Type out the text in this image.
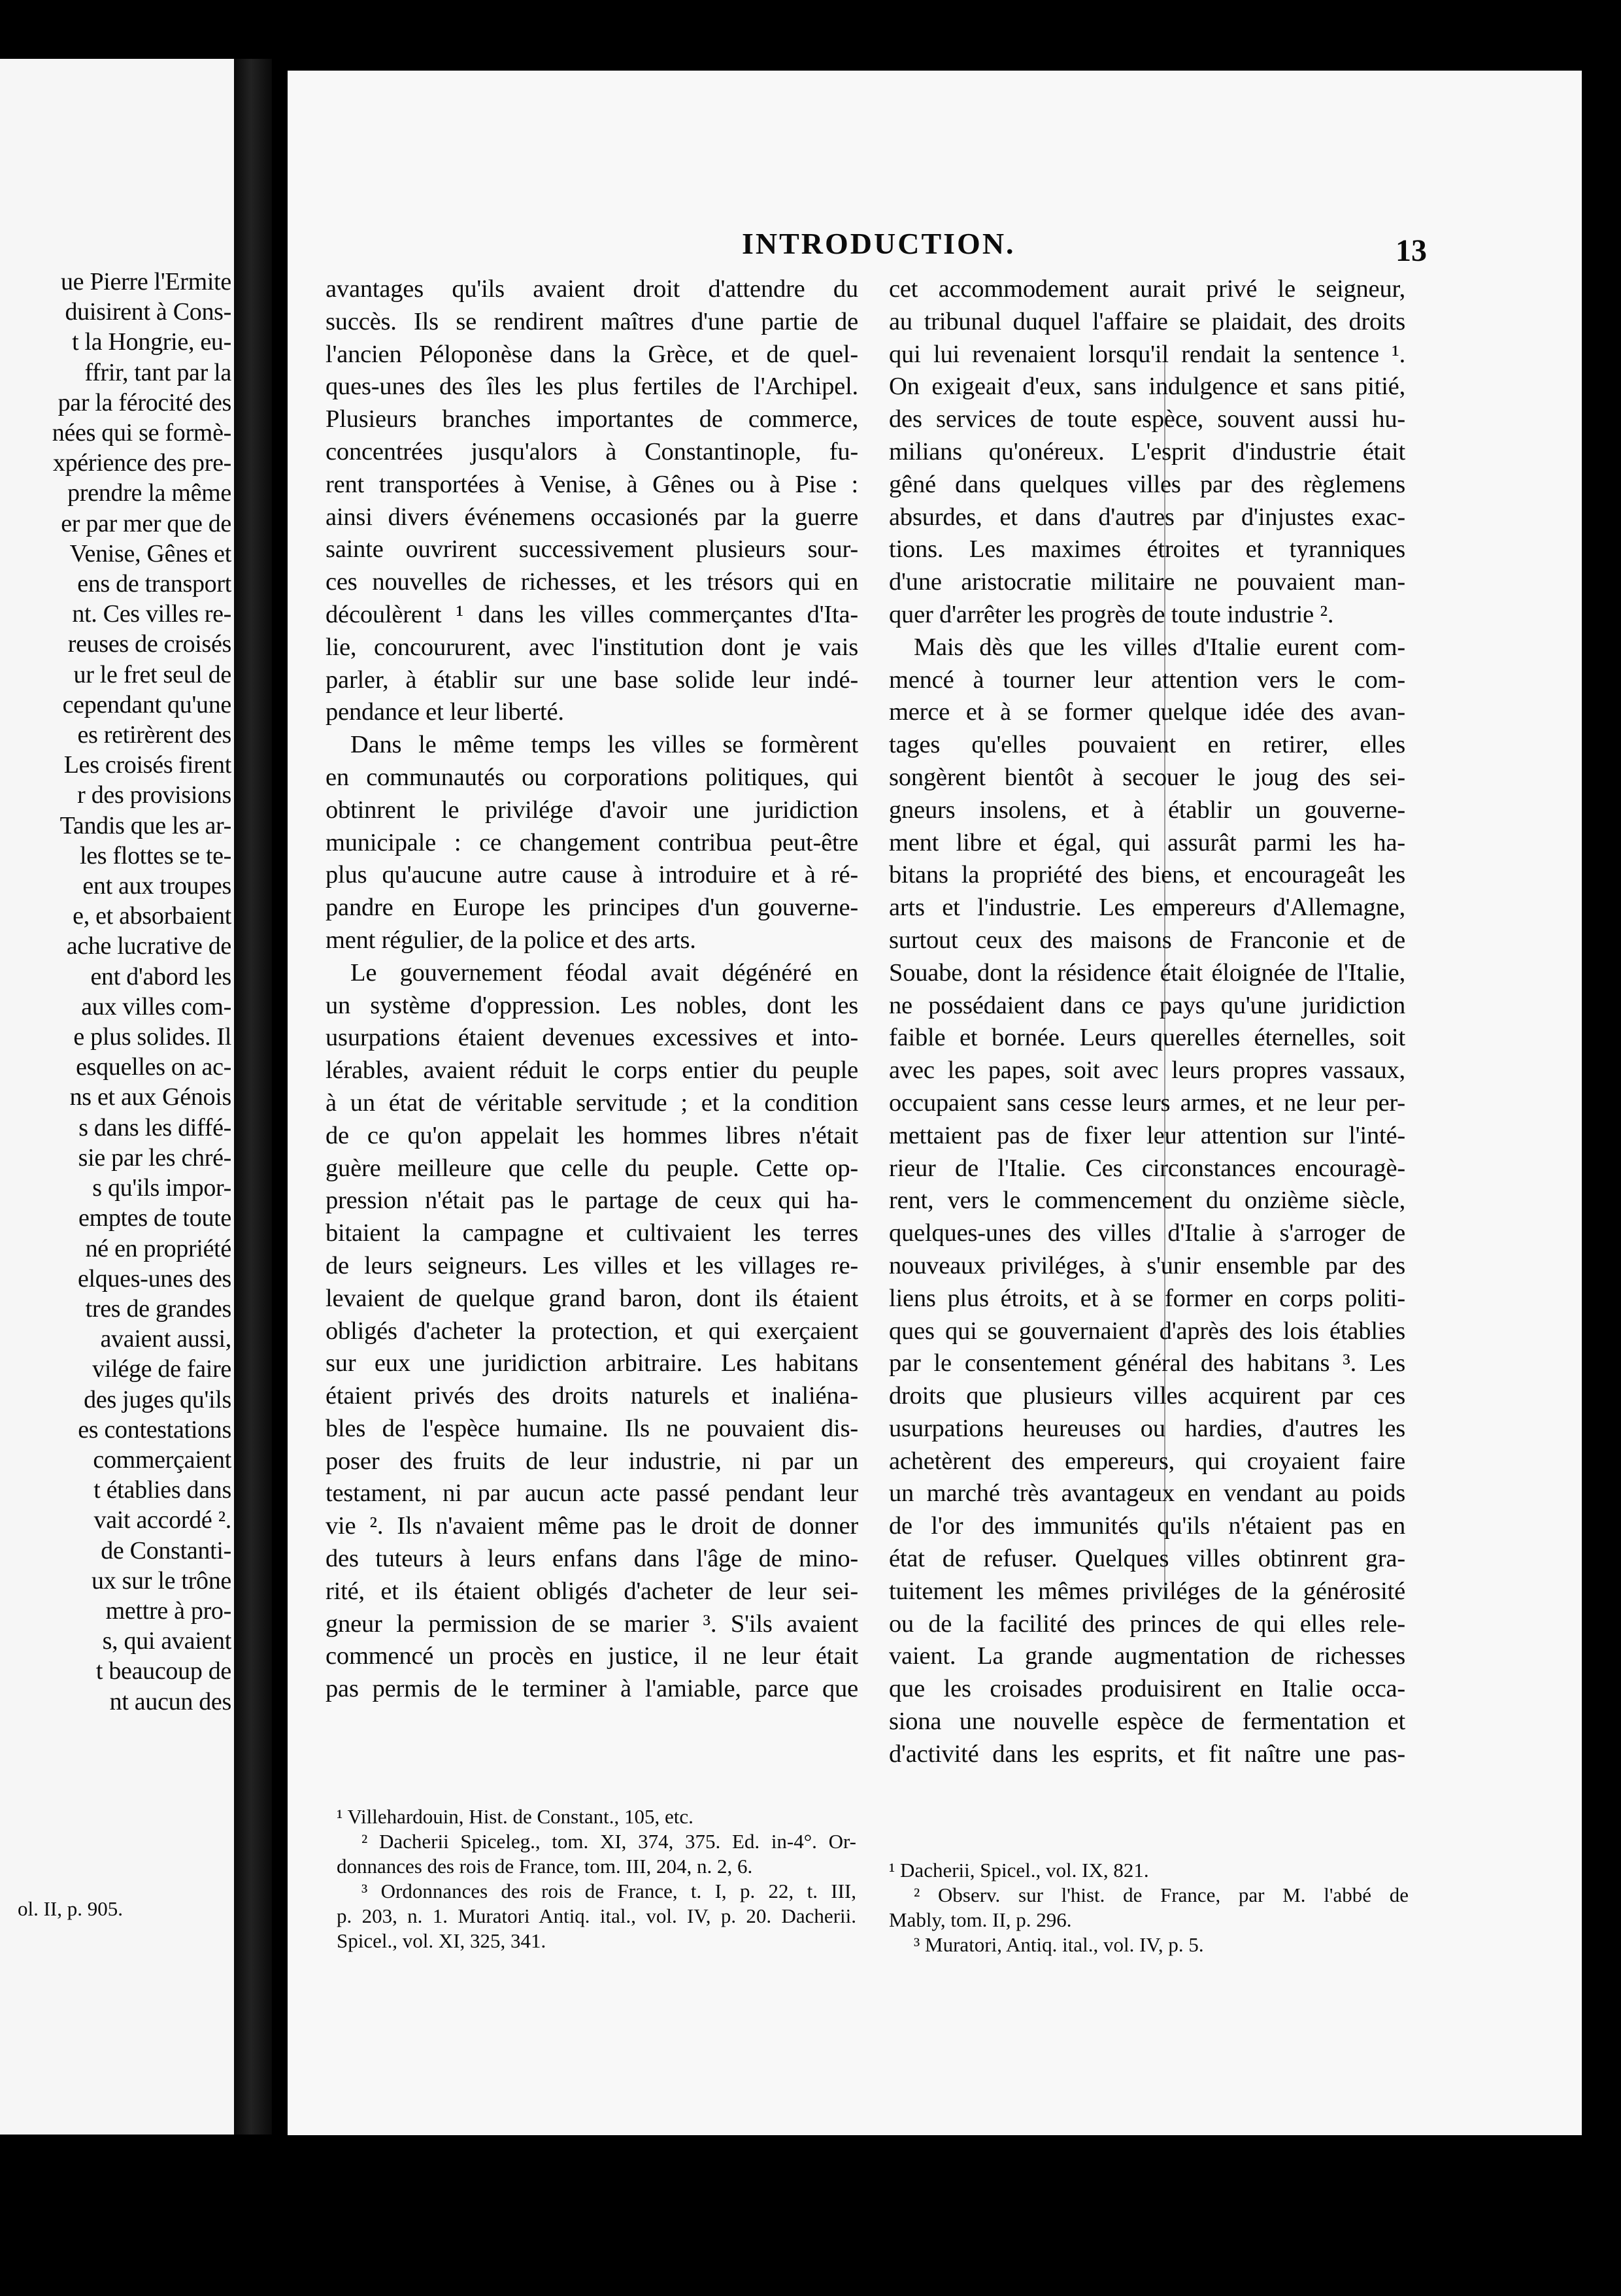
ue Pierre l'Ermite
duisirent à Cons-
t la Hongrie, eu-
ffrir, tant par la
par la férocité des
nées qui se formè-
xpérience des pre-
prendre la même
er par mer que de
Venise, Gênes et
ens de transport
nt. Ces villes re-
reuses de croisés
ur le fret seul de
cependant qu'une
es retirèrent des
Les croisés firent
r des provisions
Tandis que les ar-
les flottes se te-
ent aux troupes
e, et absorbaient
ache lucrative de
ent d'abord les
aux villes com-
e plus solides. Il
esquelles on ac-
ns et aux Génois
s dans les diffé-
sie par les chré-
s qu'ils impor-
emptes de toute
né en propriété
elques-unes des
tres de grandes
avaient aussi,
vilége de faire
des juges qu'ils
es contestations
commerçaient
t établies dans
vait accordé ².
de Constanti-
ux sur le trône
mettre à pro-
s, qui avaient
t beaucoup de
nt aucun des
ol. II, p. 905.
INTRODUCTION.	13
avantages qu'ils avaient droit d'attendre du
succès. Ils se rendirent maîtres d'une partie de
l'ancien Péloponèse dans la Grèce, et de quel-
ques-unes des îles les plus fertiles de l'Archipel.
Plusieurs branches importantes de commerce,
concentrées jusqu'alors à Constantinople, fu-
rent transportées à Venise, à Gênes ou à Pise :
ainsi divers événemens occasionés par la guerre
sainte ouvrirent successivement plusieurs sour-
ces nouvelles de richesses, et les trésors qui en
découlèrent ¹ dans les villes commerçantes d'Ita-
lie, concoururent, avec l'institution dont je vais
parler, à établir sur une base solide leur indé-
pendance et leur liberté.
Dans le même temps les villes se formèrent
en communautés ou corporations politiques, qui
obtinrent le privilége d'avoir une juridiction
municipale : ce changement contribua peut-être
plus qu'aucune autre cause à introduire et à ré-
pandre en Europe les principes d'un gouverne-
ment régulier, de la police et des arts.
Le gouvernement féodal avait dégénéré en
un système d'oppression. Les nobles, dont les
usurpations étaient devenues excessives et into-
lérables, avaient réduit le corps entier du peuple
à un état de véritable servitude ; et la condition
de ce qu'on appelait les hommes libres n'était
guère meilleure que celle du peuple. Cette op-
pression n'était pas le partage de ceux qui ha-
bitaient la campagne et cultivaient les terres
de leurs seigneurs. Les villes et les villages re-
levaient de quelque grand baron, dont ils étaient
obligés d'acheter la protection, et qui exerçaient
sur eux une juridiction arbitraire. Les habitans
étaient privés des droits naturels et inaliéna-
bles de l'espèce humaine. Ils ne pouvaient dis-
poser des fruits de leur industrie, ni par un
testament, ni par aucun acte passé pendant leur
vie ². Ils n'avaient même pas le droit de donner
des tuteurs à leurs enfans dans l'âge de mino-
rité, et ils étaient obligés d'acheter de leur sei-
gneur la permission de se marier ³. S'ils avaient
commencé un procès en justice, il ne leur était
pas permis de le terminer à l'amiable, parce que
cet accommodement aurait privé le seigneur,
au tribunal duquel l'affaire se plaidait, des droits
qui lui revenaient lorsqu'il rendait la sentence ¹.
On exigeait d'eux, sans indulgence et sans pitié,
des services de toute espèce, souvent aussi hu-
milians qu'onéreux. L'esprit d'industrie était
gêné dans quelques villes par des règlemens
absurdes, et dans d'autres par d'injustes exac-
tions. Les maximes étroites et tyranniques
d'une aristocratie militaire ne pouvaient man-
quer d'arrêter les progrès de toute industrie ².
Mais dès que les villes d'Italie eurent com-
mencé à tourner leur attention vers le com-
merce et à se former quelque idée des avan-
tages qu'elles pouvaient en retirer, elles
songèrent bientôt à secouer le joug des sei-
gneurs insolens, et à établir un gouverne-
ment libre et égal, qui assurât parmi les ha-
bitans la propriété des biens, et encourageât les
arts et l'industrie. Les empereurs d'Allemagne,
surtout ceux des maisons de Franconie et de
Souabe, dont la résidence était éloignée de l'Italie,
ne possédaient dans ce pays qu'une juridiction
faible et bornée. Leurs querelles éternelles, soit
avec les papes, soit avec leurs propres vassaux,
occupaient sans cesse leurs armes, et ne leur per-
mettaient pas de fixer leur attention sur l'inté-
rieur de l'Italie. Ces circonstances encouragè-
rent, vers le commencement du onzième siècle,
quelques-unes des villes d'Italie à s'arroger de
nouveaux priviléges, à s'unir ensemble par des
liens plus étroits, et à se former en corps politi-
ques qui se gouvernaient d'après des lois établies
par le consentement général des habitans ³. Les
droits que plusieurs villes acquirent par ces
usurpations heureuses ou hardies, d'autres les
achetèrent des empereurs, qui croyaient faire
un marché très avantageux en vendant au poids
de l'or des immunités qu'ils n'étaient pas en
état de refuser. Quelques villes obtinrent gra-
tuitement les mêmes priviléges de la générosité
ou de la facilité des princes de qui elles rele-
vaient. La grande augmentation de richesses
que les croisades produisirent en Italie occa-
siona une nouvelle espèce de fermentation et
d'activité dans les esprits, et fit naître une pas-
¹ Villehardouin, Hist. de Constant., 105, etc.
² Dacherii Spiceleg., tom. XI, 374, 375. Ed. in-4°. Or-
donnances des rois de France, tom. III, 204, n. 2, 6.
³ Ordonnances des rois de France, t. I, p. 22, t. III,
p. 203, n. 1. Muratori Antiq. ital., vol. IV, p. 20. Dacherii.
Spicel., vol. XI, 325, 341.
¹ Dacherii, Spicel., vol. IX, 821.
² Observ. sur l'hist. de France, par M. l'abbé de
Mably, tom. II, p. 296.
³ Muratori, Antiq. ital., vol. IV, p. 5.
